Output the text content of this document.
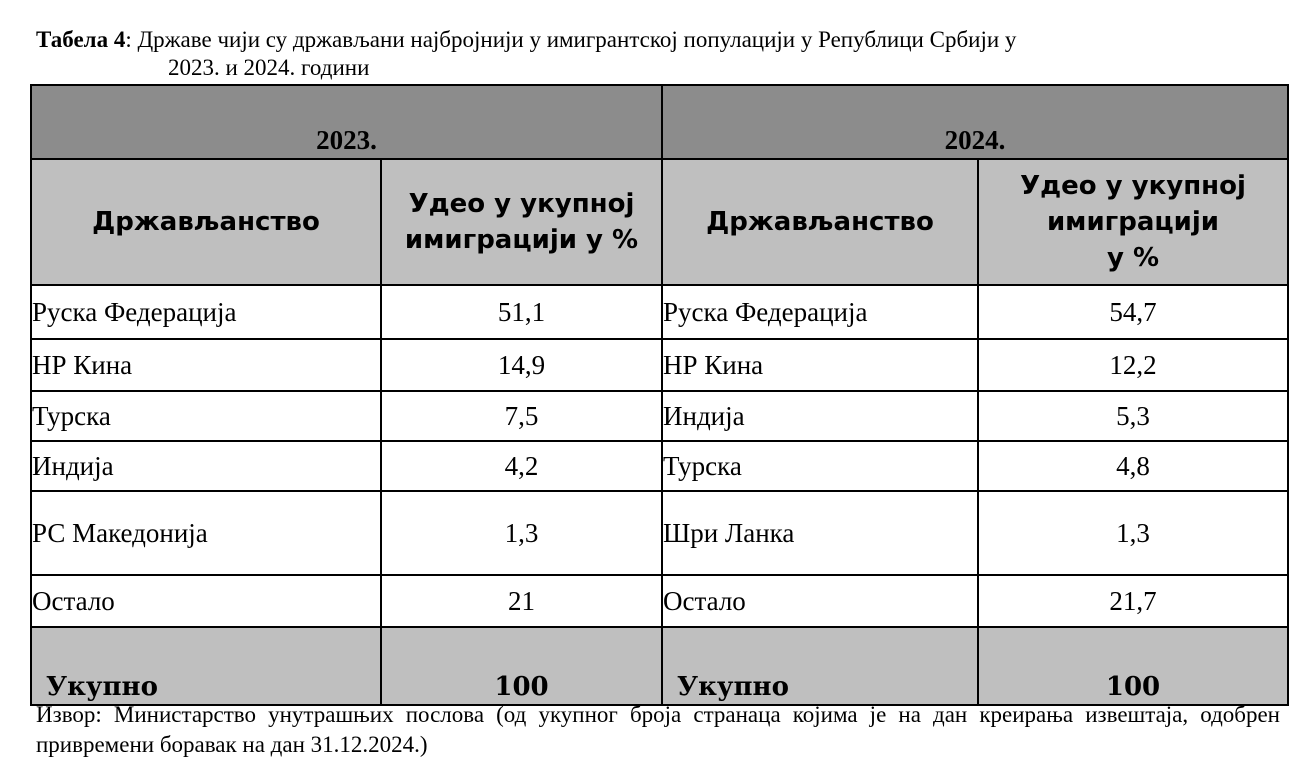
Табела 4: Државе чији су држављани најбројнији у имигрантској популацији у Републици Србији у
2023. и 2024. години
2023.		2024.	
Држављанство	Удео у укупној имиграцији у %	Држављанство	Удео у укупној
имиграцији
у %

Руска Федерација	51,1	Руска Федерација	54,7
НР Кина	14,9	НР Кина	12,2
Турска	7,5	Индија	5,3
Индија	4,2	Турска	4,8
РС Македонија	1,3	Шри Ланка	1,3
Остало	21	Остало	21,7
Укупно	100	Укупно	100
Извор: Министарство унутрашњих послова (од укупног броја странаца којима је на дан креирања извештаја, одобрен привремени боравак на дан 31.12.2024.)
